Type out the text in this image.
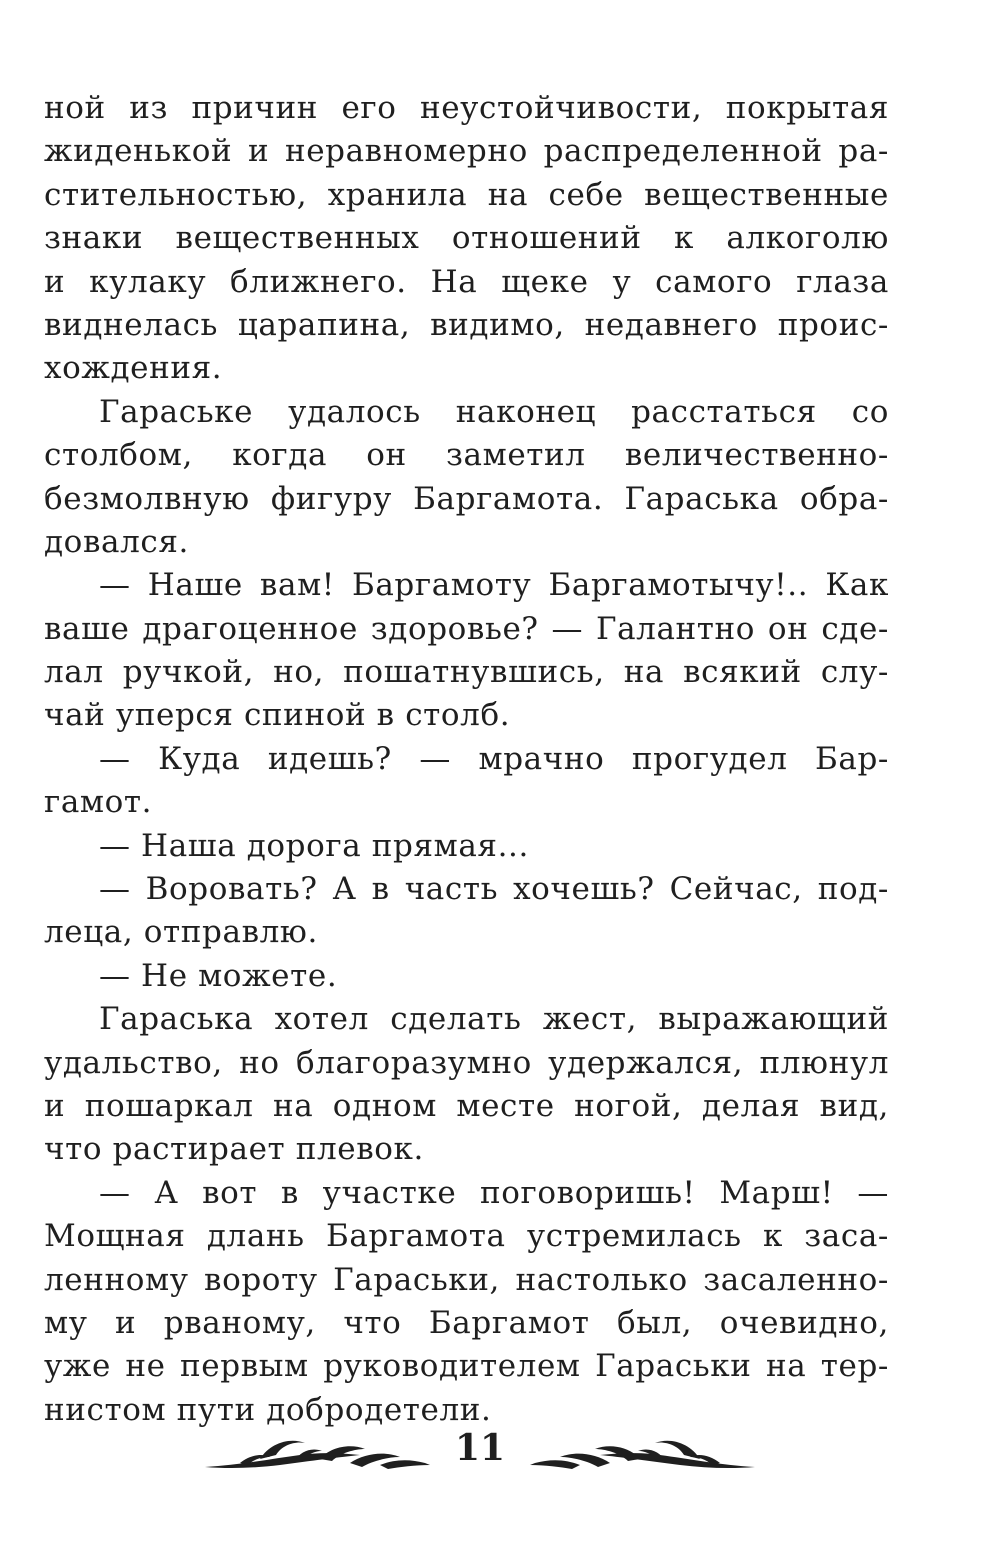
ной из причин его неустойчивости, покрытая
жиденькой и неравномерно распределенной ра-
стительностью, хранила на себе вещественные
знаки вещественных отношений к алкоголю
и кулаку ближнего. На щеке у самого глаза
виднелась царапина, видимо, недавнего проис-
хождения.
Гараське удалось наконец расстаться со
столбом, когда он заметил величественно-
безмолвную фигуру Баргамота. Гараська обра-
довался.
— Наше вам! Баргамоту Баргамотычу!.. Как
ваше драгоценное здоровье? — Галантно он сде-
лал ручкой, но, пошатнувшись, на всякий слу-
чай уперся спиной в столб.
— Куда идешь? — мрачно прогудел Бар-
гамот.
— Наша дорога прямая...
— Воровать? А в часть хочешь? Сейчас, под-
леца, отправлю.
— Не можете.
Гараська хотел сделать жест, выражающий
удальство, но благоразумно удержался, плюнул
и пошаркал на одном месте ногой, делая вид,
что растирает плевок.
— А вот в участке поговоришь! Марш! —
Мощная длань Баргамота устремилась к заса-
ленному вороту Гараськи, настолько засаленно-
му и рваному, что Баргамот был, очевидно,
уже не первым руководителем Гараськи на тер-
нистом пути добродетели.
11
